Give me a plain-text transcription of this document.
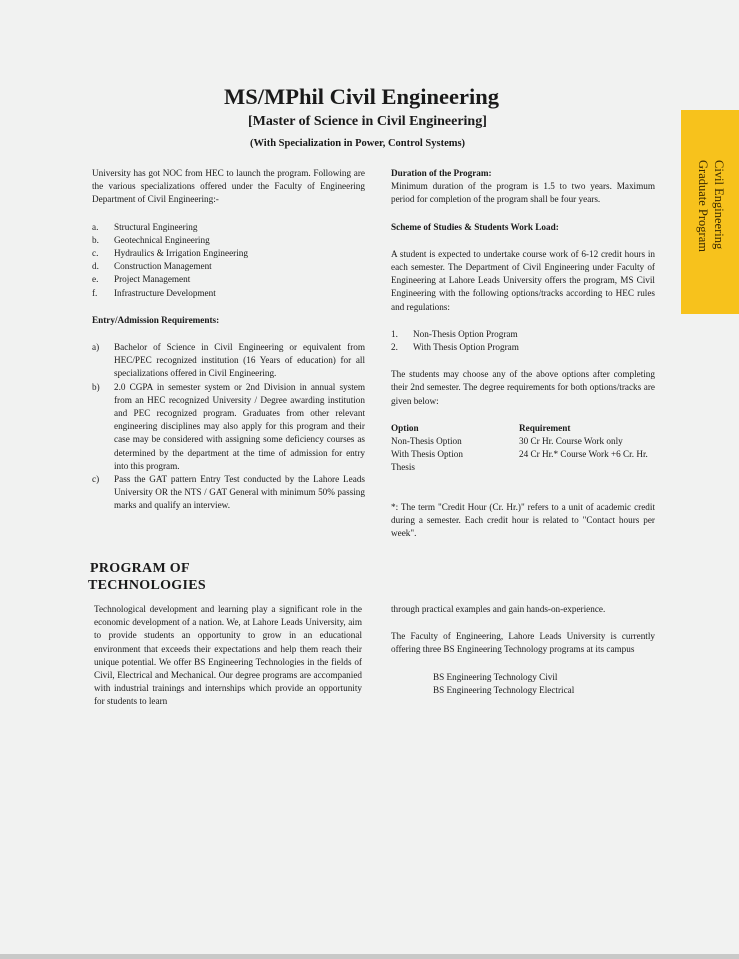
Civil Engineering
Graduate Program
MS/MPhil Civil Engineering
[Master of Science in Civil Engineering]
(With Specialization in Power, Control Systems)

University has got NOC from HEC to launch the program. Following are the various specializations offered under the Faculty of Engineering Department of Civil Engineering:-

a. Structural Engineering
b. Geotechnical Engineering
c. Hydraulics & Irrigation Engineering
d. Construction Management
e. Project Management
f. Infrastructure Development

Entry/Admission Requirements:

a) Bachelor of Science in Civil Engineering or equivalent from HEC/PEC recognized institution (16 Years of education) for all specializations offered in Civil Engineering.
b) 2.0 CGPA in semester system or 2nd Division in annual system from an HEC recognized University / Degree awarding institution and PEC recognized program. Graduates from other relevant engineering disciplines may also apply for this program and their case may be considered with assigning some deficiency courses as determined by the department at the time of admission for entry into this program.
c) Pass the GAT pattern Entry Test conducted by the Lahore Leads University OR the NTS / GAT General with minimum 50% passing marks and qualify an interview.

Duration of the Program:

Minimum duration of the program is 1.5 to two years. Maximum period for completion of the program shall be four years.

Scheme of Studies & Students Work Load:

A student is expected to undertake course work of 6-12 credit hours in each semester. The Department of Civil Engineering under Faculty of Engineering at Lahore Leads University offers the program, MS Civil Engineering with the following options/tracks according to HEC rules and regulations:

1. Non-Thesis Option Program
2. With Thesis Option Program

The students may choose any of the above options after completing their 2nd semester. The degree requirements for both options/tracks are given below:

Option	Requirement
Non-Thesis Option	30 Cr Hr. Course Work only
With Thesis Option	24 Cr Hr.* Course Work +6 Cr. Hr.
Thesis	

*: The term "Credit Hour (Cr. Hr.)" refers to a unit of academic credit during a semester. Each credit hour is related to "Contact hours per week".

PROGRAM OF
TECHNOLOGIES

Technological development and learning play a significant role in the economic development of a nation. We, at Lahore Leads University, aim to provide students an opportunity to grow in an educational environment that exceeds their expectations and help them reach their unique potential. We offer BS Engineering Technologies in the fields of Civil, Electrical and Mechanical. Our degree programs are accompanied with industrial trainings and internships which provide an opportunity for students to learn

through practical examples and gain hands-on-experience.

The Faculty of Engineering, Lahore Leads University is currently offering three BS Engineering Technology programs at its campus

BS Engineering Technology Civil
BS Engineering Technology Electrical
